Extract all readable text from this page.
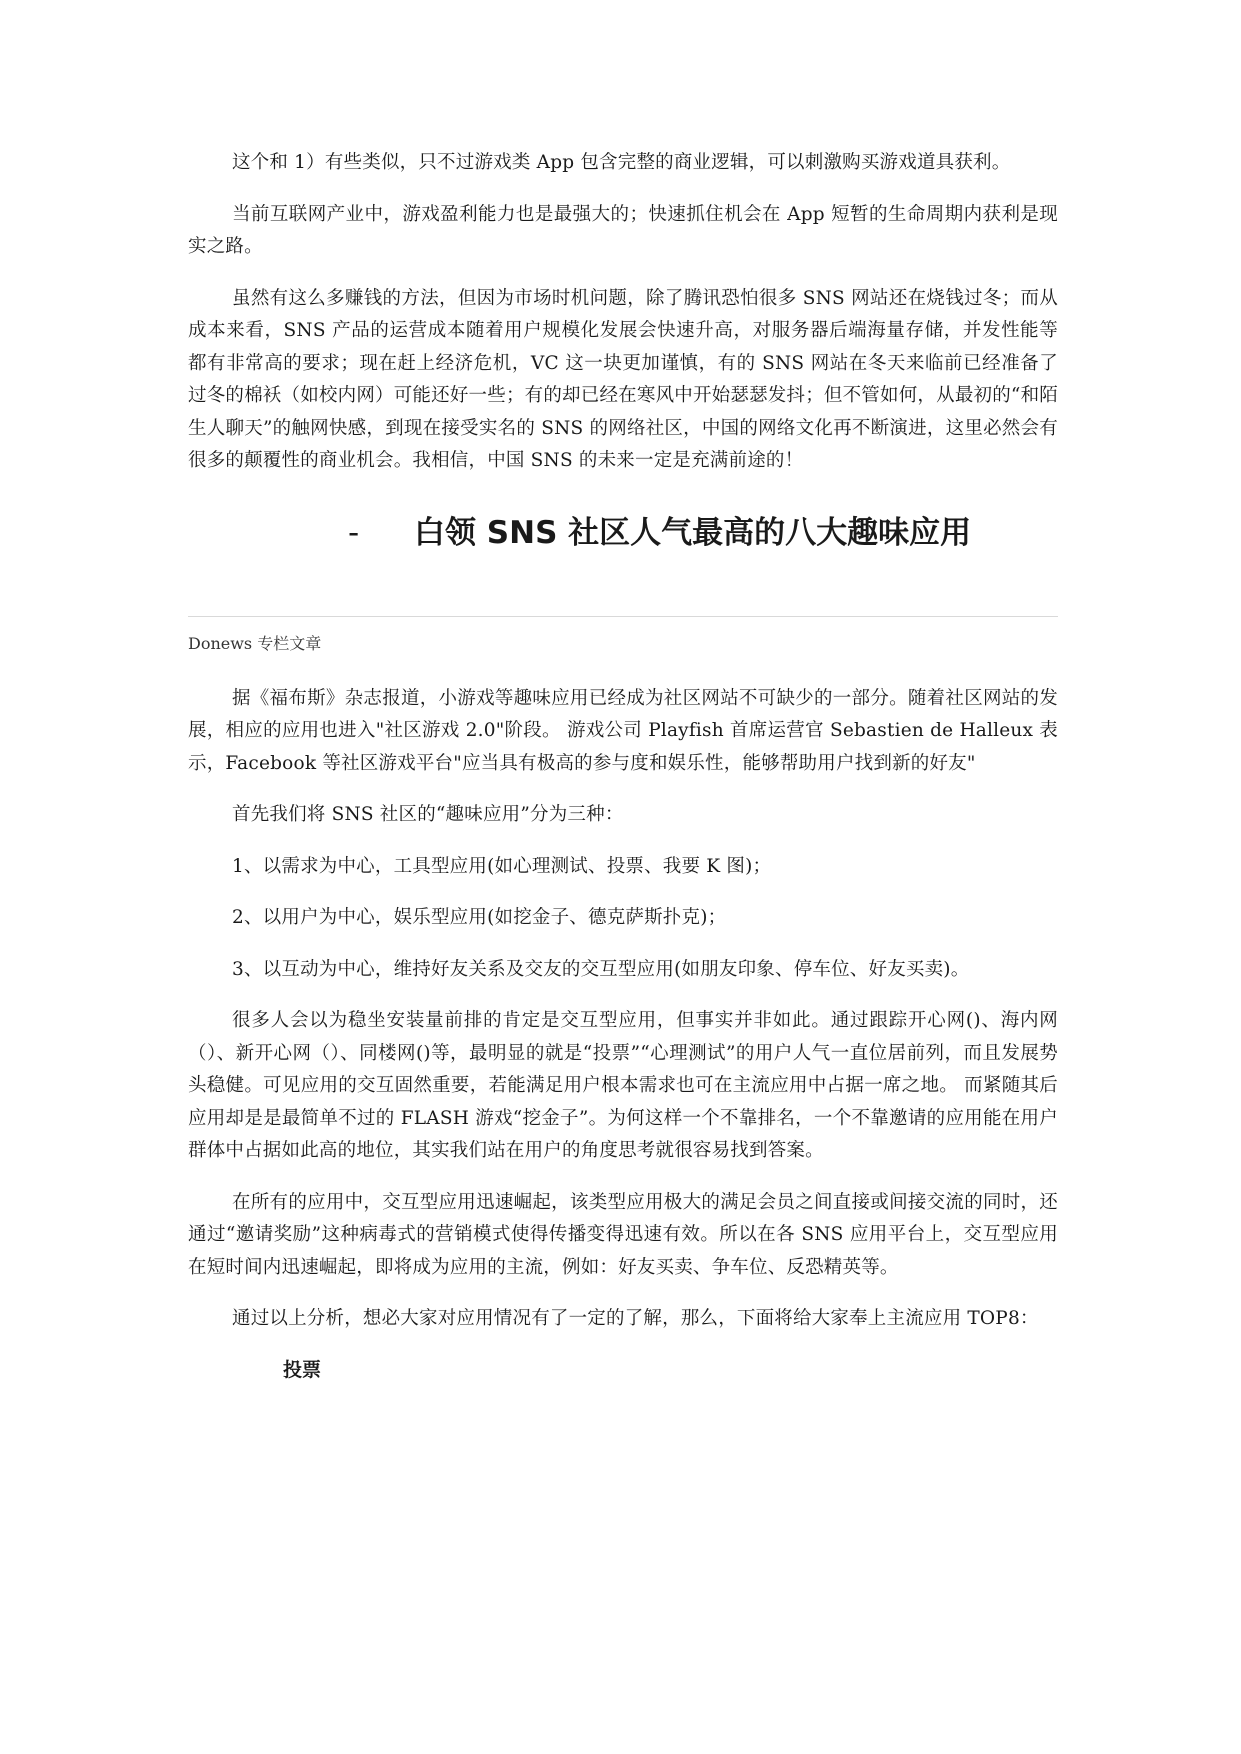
这个和 1）有些类似，只不过游戏类 App 包含完整的商业逻辑，可以刺激购买游戏道具获利。

当前互联网产业中，游戏盈利能力也是最强大的；快速抓住机会在 App 短暂的生命周期内获利是现实之路。

虽然有这么多赚钱的方法，但因为市场时机问题，除了腾讯恐怕很多 SNS 网站还在烧钱过冬；而从成本来看，SNS 产品的运营成本随着用户规模化发展会快速升高，对服务器后端海量存储，并发性能等都有非常高的要求；现在赶上经济危机，VC 这一块更加谨慎，有的 SNS 网站在冬天来临前已经准备了过冬的棉袄（如校内网）可能还好一些；有的却已经在寒风中开始瑟瑟发抖；但不管如何，从最初的“和陌生人聊天”的触网快感，到现在接受实名的 SNS 的网络社区，中国的网络文化再不断演进，这里必然会有很多的颠覆性的商业机会。我相信，中国 SNS 的未来一定是充满前途的！

- 白领 SNS 社区人气最高的八大趣味应用
Donews 专栏文章

据《福布斯》杂志报道，小游戏等趣味应用已经成为社区网站不可缺少的一部分。随着社区网站的发展，相应的应用也进入"社区游戏 2.0"阶段。 游戏公司 Playfish 首席运营官 Sebastien de Halleux 表示，Facebook 等社区游戏平台"应当具有极高的参与度和娱乐性，能够帮助用户找到新的好友"

首先我们将 SNS 社区的“趣味应用”分为三种：

1、以需求为中心，工具型应用(如心理测试、投票、我要 K 图)；

2、以用户为中心，娱乐型应用(如挖金子、德克萨斯扑克)；

3、以互动为中心，维持好友关系及交友的交互型应用(如朋友印象、停车位、好友买卖)。

很多人会以为稳坐安装量前排的肯定是交互型应用，但事实并非如此。通过跟踪开心网()、海内网（）、新开心网（）、同楼网()等，最明显的就是“投票”“心理测试”的用户人气一直位居前列，而且发展势头稳健。可见应用的交互固然重要，若能满足用户根本需求也可在主流应用中占据一席之地。 而紧随其后应用却是是最简单不过的 FLASH 游戏“挖金子”。为何这样一个不靠排名，一个不靠邀请的应用能在用户群体中占据如此高的地位，其实我们站在用户的角度思考就很容易找到答案。

在所有的应用中，交互型应用迅速崛起，该类型应用极大的满足会员之间直接或间接交流的同时，还通过“邀请奖励”这种病毒式的营销模式使得传播变得迅速有效。所以在各 SNS 应用平台上，交互型应用在短时间内迅速崛起，即将成为应用的主流，例如：好友买卖、争车位、反恐精英等。

通过以上分析，想必大家对应用情况有了一定的了解，那么，下面将给大家奉上主流应用 TOP8：

投票
